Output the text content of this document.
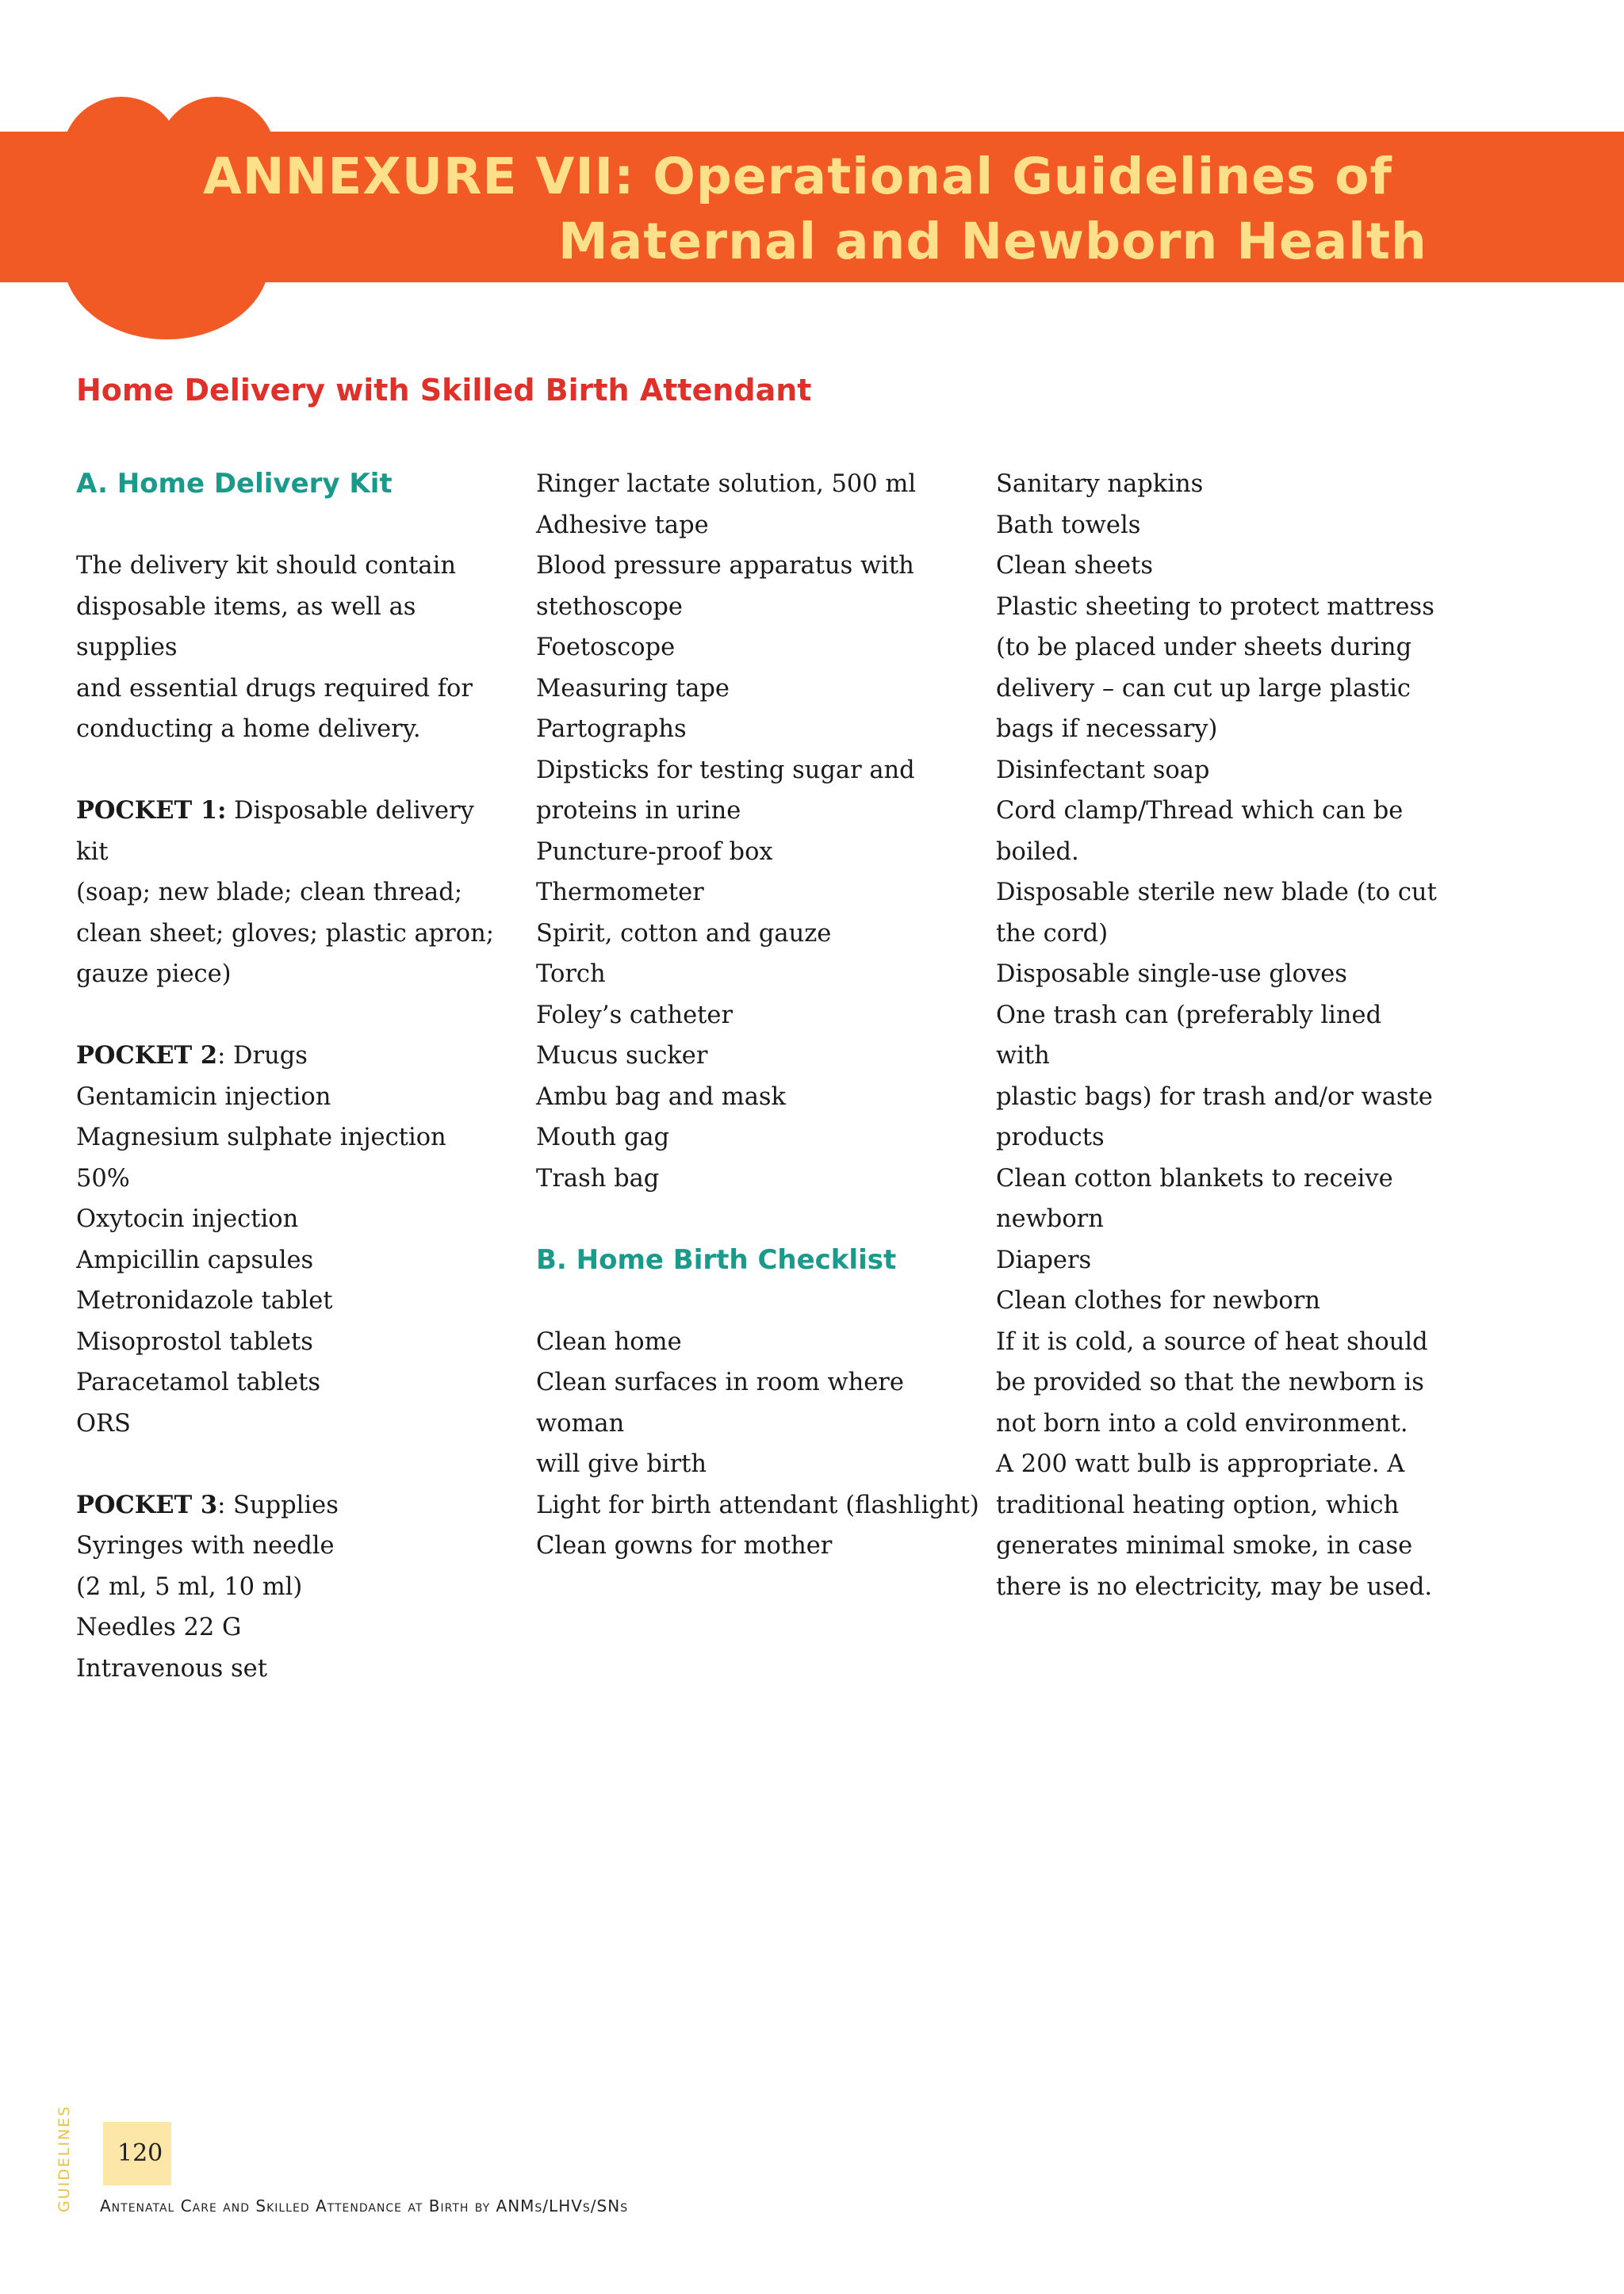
ANNEXURE VII: Operational Guidelines of
Maternal and Newborn Health
Home Delivery with Skilled Birth Attendant

A. Home Delivery Kit

The delivery kit should contain

disposable items, as well as supplies

and essential drugs required for

conducting a home delivery.

POCKET 1: Disposable delivery kit

(soap; new blade; clean thread;

clean sheet; gloves; plastic apron;

gauze piece)

POCKET 2: Drugs

Gentamicin injection

Magnesium sulphate injection 50%

Oxytocin injection

Ampicillin capsules

Metronidazole tablet

Misoprostol tablets

Paracetamol tablets

ORS

POCKET 3: Supplies

Syringes with needle

(2 ml, 5 ml, 10 ml)

Needles 22 G

Intravenous set

Ringer lactate solution, 500 ml

Adhesive tape

Blood pressure apparatus with

stethoscope

Foetoscope

Measuring tape

Partographs

Dipsticks for testing sugar and

proteins in urine

Puncture-proof box

Thermometer

Spirit, cotton and gauze

Torch

Foley’s catheter

Mucus sucker

Ambu bag and mask

Mouth gag

Trash bag

B. Home Birth Checklist

Clean home

Clean surfaces in room where

woman

will give birth

Light for birth attendant (flashlight)

Clean gowns for mother

Sanitary napkins

Bath towels

Clean sheets

Plastic sheeting to protect mattress

(to be placed under sheets during

delivery – can cut up large plastic

bags if necessary)

Disinfectant soap

Cord clamp/Thread which can be

boiled.

Disposable sterile new blade (to cut

the cord)

Disposable single-use gloves

One trash can (preferably lined with

plastic bags) for trash and/or waste

products

Clean cotton blankets to receive

newborn

Diapers

Clean clothes for newborn

If it is cold, a source of heat should

be provided so that the newborn is

not born into a cold environment.

A 200 watt bulb is appropriate. A

traditional heating option, which

generates minimal smoke, in case

there is no electricity, may be used.

120
GUIDELINES Antenatal Care and Skilled Attendance at Birth by ANMs/LHVs/SNs
